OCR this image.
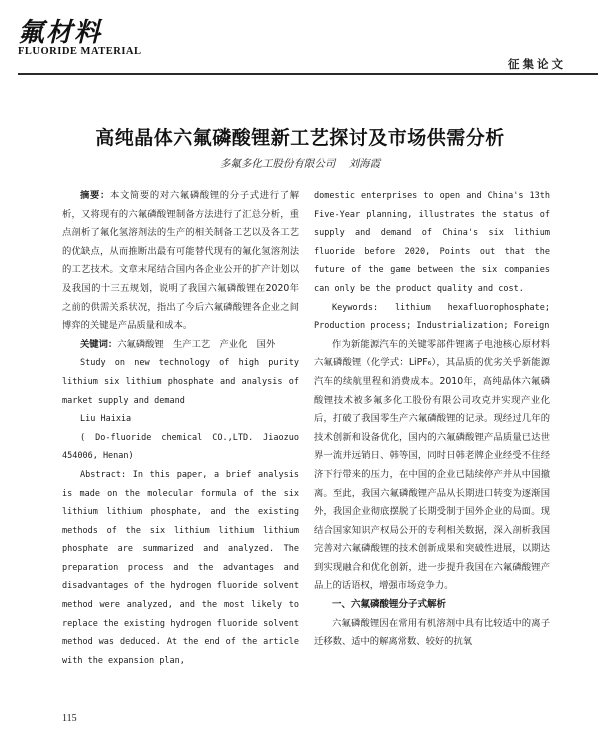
氟材料
FLUORIDE MATERIAL
征集论文
高纯晶体六氟磷酸锂新工艺探讨及市场供需分析
多氟多化工股份有限公司 刘海霞

摘要：本文简要的对六氟磷酸锂的分子式进行了解析，又将现有的六氟磷酸锂制备方法进行了汇总分析，重点剖析了氟化氢溶剂法的生产的相关制备工艺以及各工艺的优缺点，从而推断出最有可能替代现有的氟化氢溶剂法的工艺技术。文章末尾结合国内各企业公开的扩产计划以及我国的十三五规划，说明了我国六氟磷酸锂在2020年之前的供需关系状况，指出了今后六氟磷酸锂各企业之间博弈的关键是产品质量和成本。

关键词：六氟磷酸锂　生产工艺　产业化　国外

Study on new technology of high purity lithium six lithium phosphate and analysis of market supply and demand

Liu Haixia

( Do-fluoride chemical CO.,LTD. Jiaozuo 454006, Henan)

Abstract: In this paper, a brief analysis is made on the molecular formula of the six lithium lithium phosphate, and the existing methods of the six lithium lithium lithium phosphate are summarized and analyzed. The preparation process and the advantages and disadvantages of the hydrogen fluoride solvent method were analyzed, and the most likely to replace the existing hydrogen fluoride solvent method was deduced. At the end of the article with the expansion plan,

domestic enterprises to open and China's 13th Five-Year planning, illustrates the status of supply and demand of China's six lithium fluoride before 2020, Points out that the future of the game between the six companies can only be the product quality and cost.

Keywords: lithium hexafluorophosphate; Production process; Industrialization; Foreign

作为新能源汽车的关键零部件锂离子电池核心原材料六氟磷酸锂（化学式：LiPF₆），其品质的优劣关乎新能源汽车的续航里程和消费成本。2010年，高纯晶体六氟磷酸锂技术被多氟多化工股份有限公司攻克并实现产业化后，打破了我国零生产六氟磷酸锂的记录。现经过几年的技术创新和设备优化，国内的六氟磷酸锂产品质量已达世界一流并远销日、韩等国，同时日韩老牌企业经受不住经济下行带来的压力，在中国的企业已陆续停产并从中国撤离。至此，我国六氟磷酸锂产品从长期进口转变为逐渐国外，我国企业彻底摆脱了长期受制于国外企业的局面。现结合国家知识产权局公开的专利相关数据，深入剖析我国完善对六氟磷酸锂的技术创新成果和突破性进展，以期达到实现融合和优化创新，进一步提升我国在六氟磷酸锂产品上的话语权，增强市场竞争力。

一、六氟磷酸锂分子式解析

六氟磷酸锂因在常用有机溶剂中具有比较适中的离子迁移数、适中的解离常数、较好的抗氧

115
